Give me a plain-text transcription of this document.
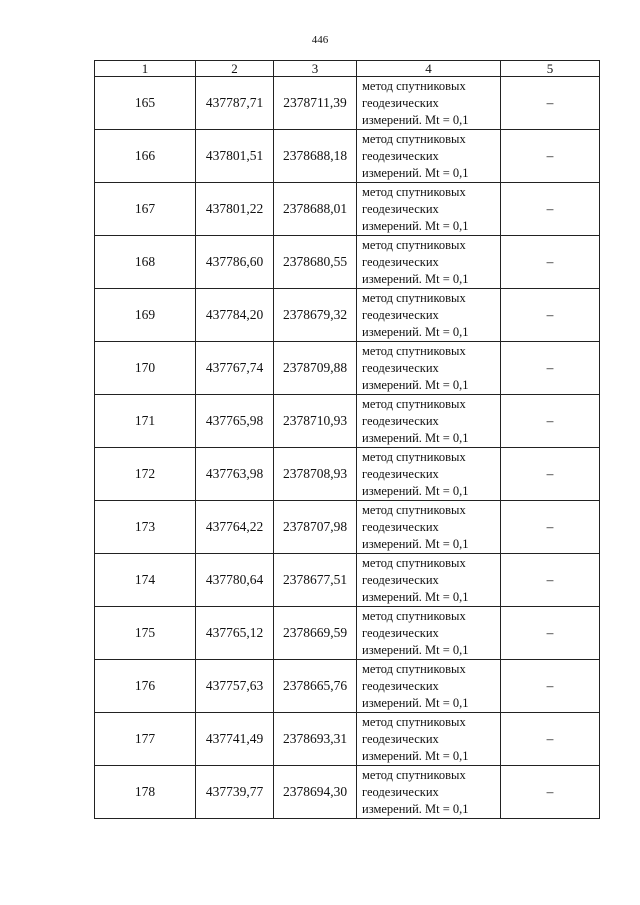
446
1	2	3	4	5
165	437787,71	2378711,39	метод спутниковых
геодезических
измерений. Mt = 0,1	–
166	437801,51	2378688,18	метод спутниковых
геодезических
измерений. Mt = 0,1	–
167	437801,22	2378688,01	метод спутниковых
геодезических
измерений. Mt = 0,1	–
168	437786,60	2378680,55	метод спутниковых
геодезических
измерений. Mt = 0,1	–
169	437784,20	2378679,32	метод спутниковых
геодезических
измерений. Mt = 0,1	–
170	437767,74	2378709,88	метод спутниковых
геодезических
измерений. Mt = 0,1	–
171	437765,98	2378710,93	метод спутниковых
геодезических
измерений. Mt = 0,1	–
172	437763,98	2378708,93	метод спутниковых
геодезических
измерений. Mt = 0,1	–
173	437764,22	2378707,98	метод спутниковых
геодезических
измерений. Mt = 0,1	–
174	437780,64	2378677,51	метод спутниковых
геодезических
измерений. Mt = 0,1	–
175	437765,12	2378669,59	метод спутниковых
геодезических
измерений. Mt = 0,1	–
176	437757,63	2378665,76	метод спутниковых
геодезических
измерений. Mt = 0,1	–
177	437741,49	2378693,31	метод спутниковых
геодезических
измерений. Mt = 0,1	–
178	437739,77	2378694,30	метод спутниковых
геодезических
измерений. Mt = 0,1	–
